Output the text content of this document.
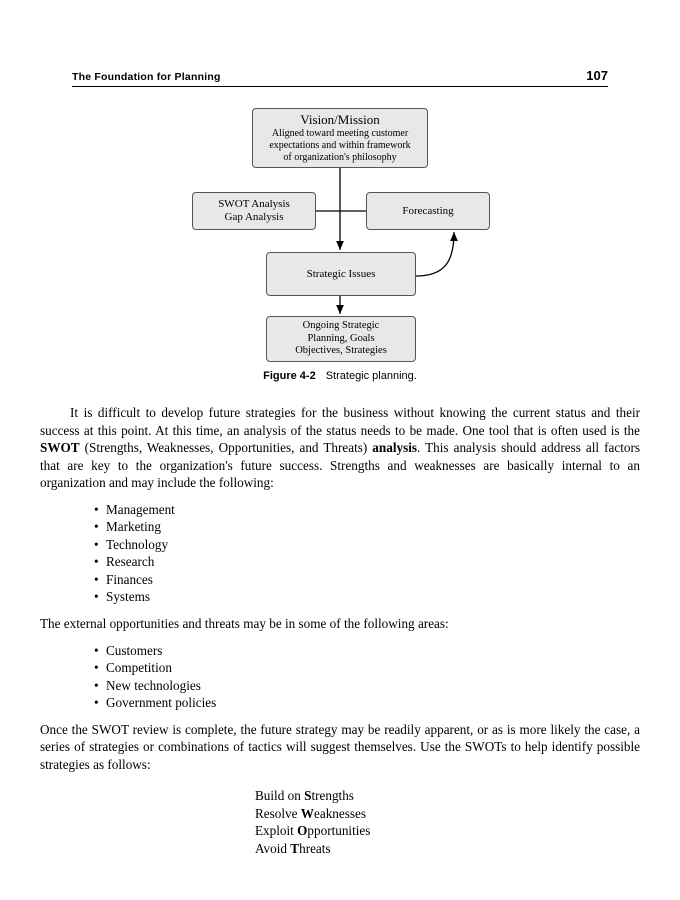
The Foundation for Planning	107
Vision/Mission
Aligned toward meeting customer
expectations and within framework
of organization's philosophy
SWOT Analysis
Gap Analysis
Forecasting
Strategic Issues
Ongoing Strategic
Planning, Goals
Objectives, Strategies
Figure 4-2 Strategic planning.

It is difficult to develop future strategies for the business without knowing the current status and their success at this point. At this time, an analysis of the status needs to be made. One tool that is often used is the SWOT (Strengths, Weaknesses, Opportunities, and Threats) analysis. This analysis should address all factors that are key to the organization's future success. Strengths and weaknesses are basically internal to an organization and may include the following:

• Management
• Marketing
• Technology
• Research
• Finances
• Systems

The external opportunities and threats may be in some of the following areas:

• Customers
• Competition
• New technologies
• Government policies

Once the SWOT review is complete, the future strategy may be readily apparent, or as is more likely the case, a series of strategies or combinations of tactics will suggest themselves. Use the SWOTs to help identify possible strategies as follows:

Build on Strengths
Resolve Weaknesses
Exploit Opportunities
Avoid Threats
